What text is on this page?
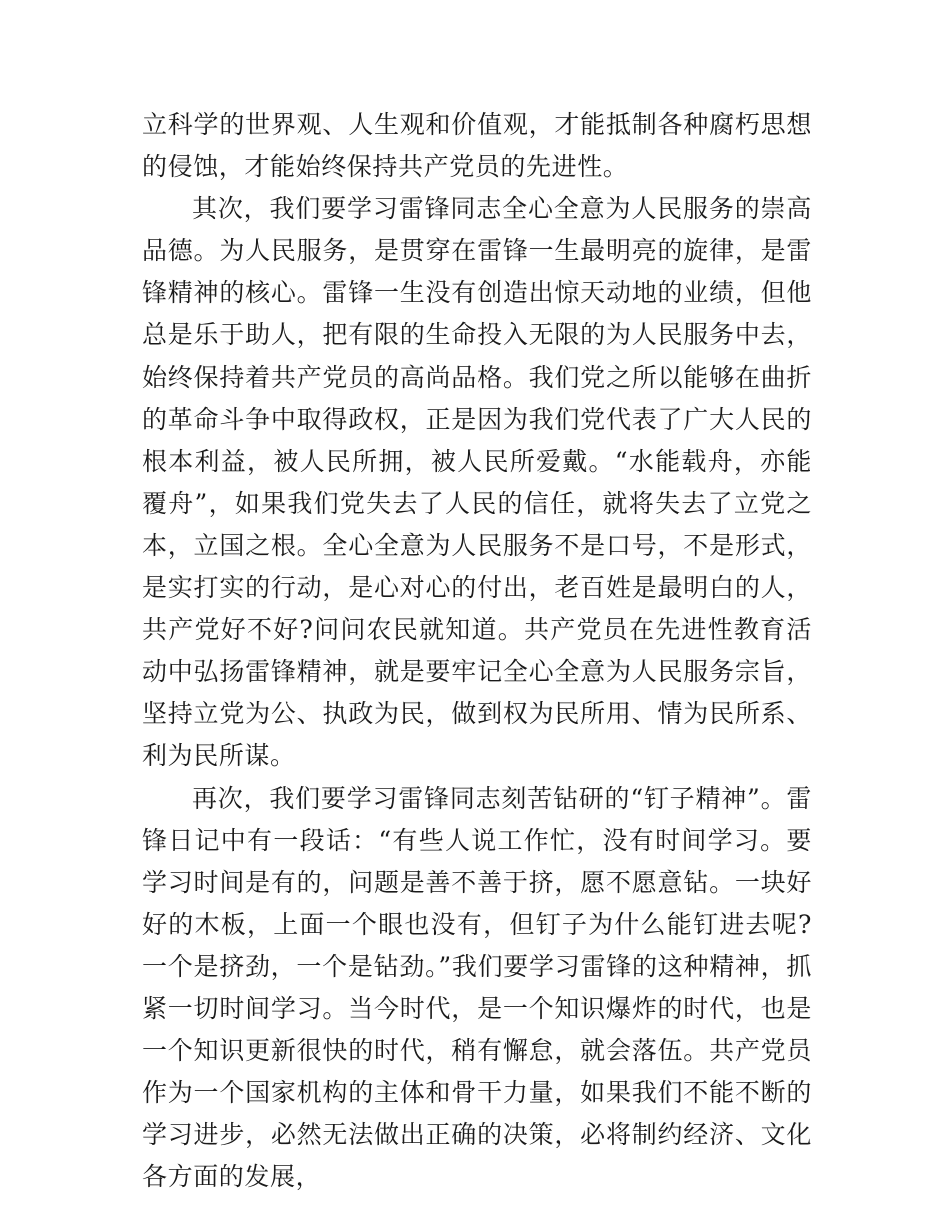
立科学的世界观、人生观和价值观，才能抵制各种腐朽思想的侵蚀，才能始终保持共产党员的先进性。

其次，我们要学习雷锋同志全心全意为人民服务的崇高品德。为人民服务，是贯穿在雷锋一生最明亮的旋律，是雷锋精神的核心。雷锋一生没有创造出惊天动地的业绩，但他总是乐于助人，把有限的生命投入无限的为人民服务中去，始终保持着共产党员的高尚品格。我们党之所以能够在曲折的革命斗争中取得政权，正是因为我们党代表了广大人民的根本利益，被人民所拥，被人民所爱戴。“水能载舟，亦能覆舟”，如果我们党失去了人民的信任，就将失去了立党之本，立国之根。全心全意为人民服务不是口号，不是形式，是实打实的行动，是心对心的付出，老百姓是最明白的人，共产党好不好?问问农民就知道。共产党员在先进性教育活动中弘扬雷锋精神，就是要牢记全心全意为人民服务宗旨，坚持立党为公、执政为民，做到权为民所用、情为民所系、利为民所谋。

再次，我们要学习雷锋同志刻苦钻研的“钉子精神”。雷锋日记中有一段话：“有些人说工作忙，没有时间学习。要学习时间是有的，问题是善不善于挤，愿不愿意钻。一块好好的木板，上面一个眼也没有，但钉子为什么能钉进去呢?一个是挤劲，一个是钻劲。”我们要学习雷锋的这种精神，抓紧一切时间学习。当今时代，是一个知识爆炸的时代，也是一个知识更新很快的时代，稍有懈怠，就会落伍。共产党员作为一个国家机构的主体和骨干力量，如果我们不能不断的学习进步，必然无法做出正确的决策，必将制约经济、文化各方面的发展，
